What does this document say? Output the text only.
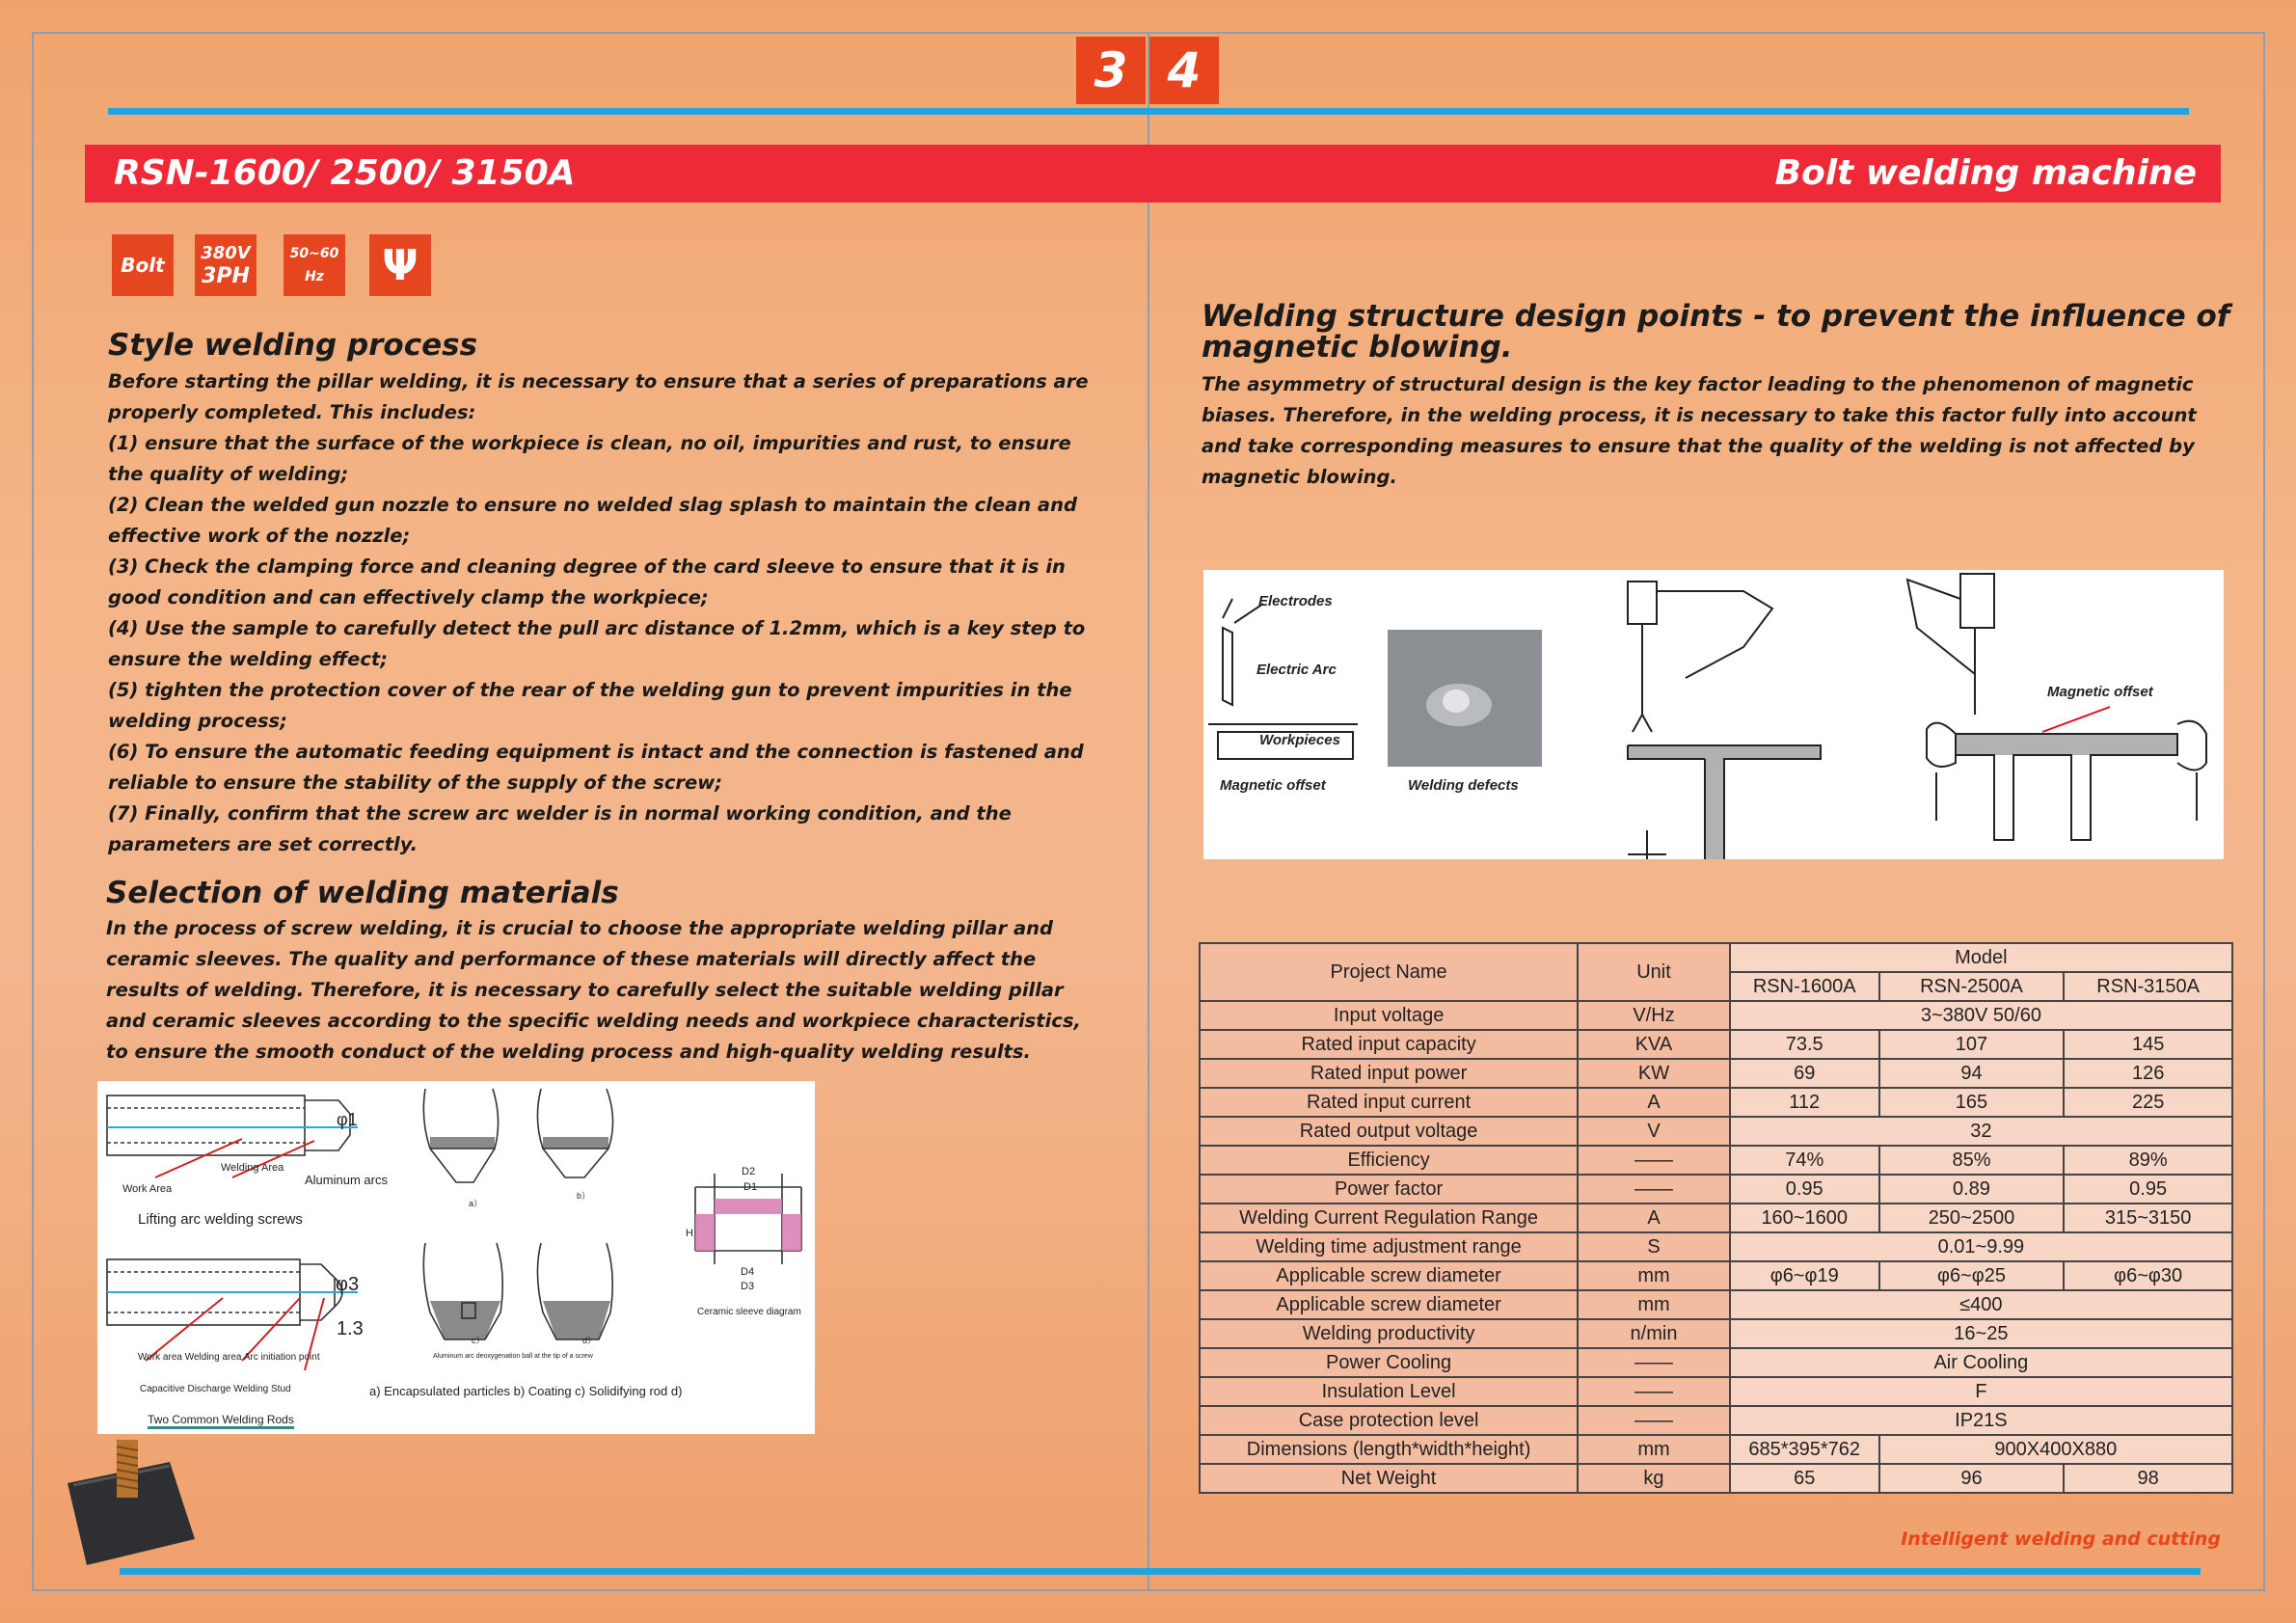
3 4
RSN-1600/ 2500/ 3150A	Bolt welding machine
Bolt
380V
3PH
50~60
Hz Ψ
Style welding process
Before starting the pillar welding, it is necessary to ensure that a series of preparations are
properly completed. This includes:
(1) ensure that the surface of the workpiece is clean, no oil, impurities and rust, to ensure
the quality of welding;
(2) Clean the welded gun nozzle to ensure no welded slag splash to maintain the clean and
effective work of the nozzle;
(3) Check the clamping force and cleaning degree of the card sleeve to ensure that it is in
good condition and can effectively clamp the workpiece;
(4) Use the sample to carefully detect the pull arc distance of 1.2mm, which is a key step to
ensure the welding effect;
(5) tighten the protection cover of the rear of the welding gun to prevent impurities in the
welding process;
(6) To ensure the automatic feeding equipment is intact and the connection is fastened and
reliable to ensure the stability of the supply of the screw;
(7) Finally, confirm that the screw arc welder is in normal working condition, and the
parameters are set correctly.
Selection of welding materials
In the process of screw welding, it is crucial to choose the appropriate welding pillar and
ceramic sleeves. The quality and performance of these materials will directly affect the
results of welding. Therefore, it is necessary to carefully select the suitable welding pillar
and ceramic sleeves according to the specific welding needs and workpiece characteristics,
to ensure the smooth conduct of the welding process and high-quality welding results.
Welding Area
φ1
Work Area
Aluminum arcs
Lifting arc welding screws
φ3
1.3
Work area Welding area Arc initiation point
Capacitive Discharge Welding Stud
Two Common Welding Rods
a）
b）
c）	d）
Aluminum arc deoxygenation ball at the tip of a screw
a) Encapsulated particles b) Coating c) Solidifying rod d)
D2
D1
H
D4
D3
Ceramic sleeve diagram
Welding structure design points - to prevent the influence of
magnetic blowing.
The asymmetry of structural design is the key factor leading to the phenomenon of magnetic
biases. Therefore, in the welding process, it is necessary to take this factor fully into account
and take corresponding measures to ensure that the quality of the welding is not affected by
magnetic blowing.
Electrodes
Electric Arc
Workpieces
Magnetic offset	Welding defects
Magnetic offset
Project Name	Unit	Model		
		RSN-1600A	RSN-2500A	RSN-3150A
Input voltage	V/Hz	3~380V 50/60		
Rated input capacity	KVA	73.5	107	145
Rated input power	KW	69	94	126
Rated input current	A	112	165	225
Rated output voltage	V	32		
Efficiency	——	74%	85%	89%
Power factor	——	0.95	0.89	0.95
Welding Current Regulation Range	A	160~1600	250~2500	315~3150
Welding time adjustment range	S	0.01~9.99		
Applicable screw diameter	mm	φ6~φ19	φ6~φ25	φ6~φ30
Applicable screw diameter	mm	≤400		
Welding productivity	n/min	16~25		
Power Cooling	——	Air Cooling		
Insulation Level	——	F		
Case protection level	——	IP21S		
Dimensions (length*width*height)	mm	685*395*762	900X400X880	
Net Weight	kg	65	96	98
Intelligent welding and cutting
